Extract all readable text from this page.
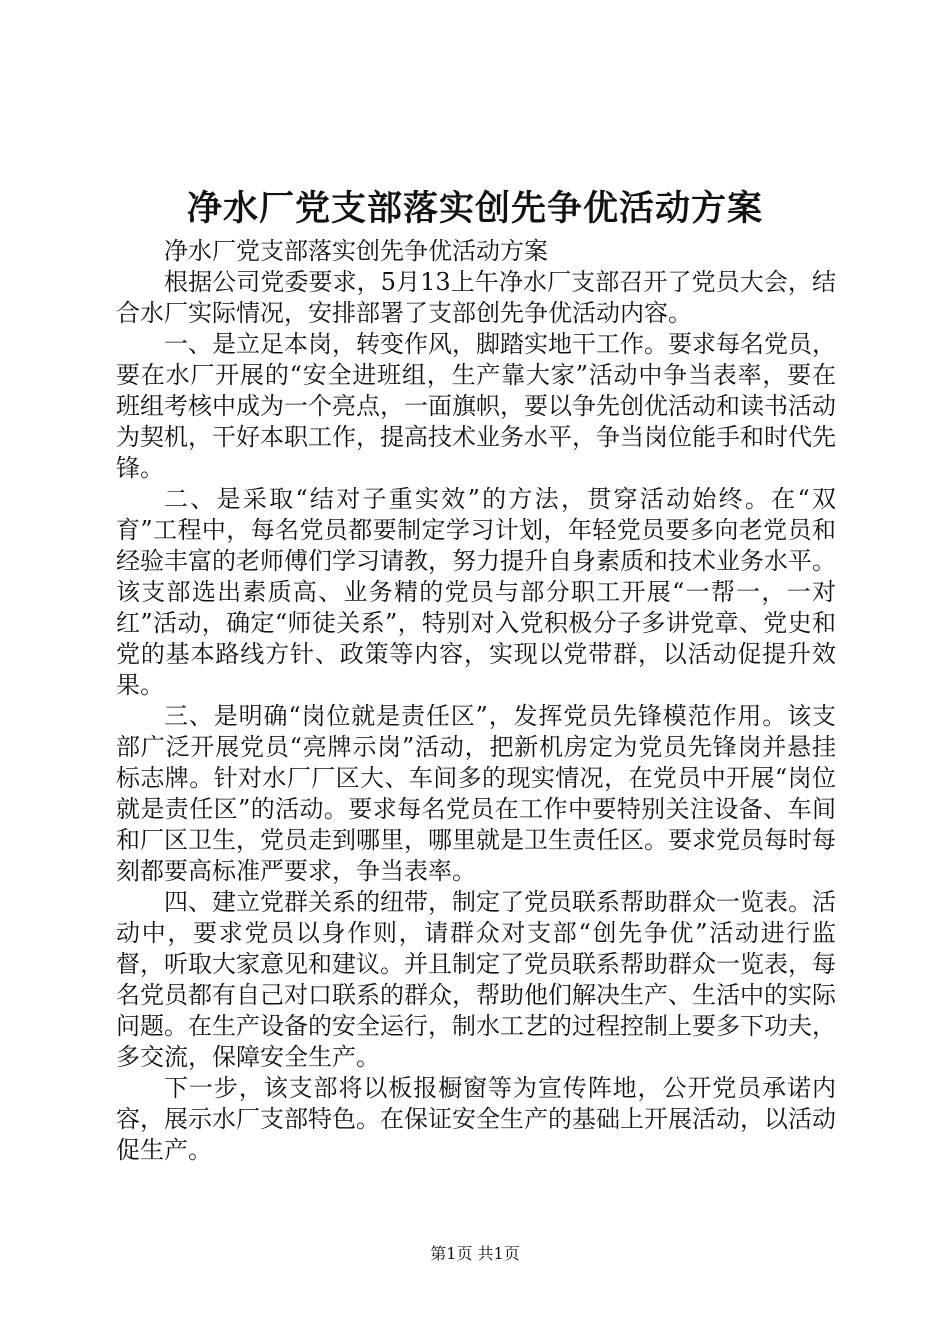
净水厂党支部落实创先争优活动方案

净水厂党支部落实创先争优活动方案

根据公司党委要求，5月13上午净水厂支部召开了党员大会，结合水厂实际情况，安排部署了支部创先争优活动内容。

一、是立足本岗，转变作风，脚踏实地干工作。要求每名党员，要在水厂开展的“安全进班组，生产靠大家”活动中争当表率，要在班组考核中成为一个亮点，一面旗帜，要以争先创优活动和读书活动为契机，干好本职工作，提高技术业务水平，争当岗位能手和时代先锋。

二、是采取“结对子重实效”的方法，贯穿活动始终。在“双育”工程中，每名党员都要制定学习计划，年轻党员要多向老党员和经验丰富的老师傅们学习请教，努力提升自身素质和技术业务水平。该支部选出素质高、业务精的党员与部分职工开展“一帮一，一对红”活动，确定“师徒关系”，特别对入党积极分子多讲党章、党史和党的基本路线方针、政策等内容，实现以党带群，以活动促提升效果。

三、是明确“岗位就是责任区”，发挥党员先锋模范作用。该支部广泛开展党员“亮牌示岗”活动，把新机房定为党员先锋岗并悬挂标志牌。针对水厂厂区大、车间多的现实情况，在党员中开展“岗位就是责任区”的活动。要求每名党员在工作中要特别关注设备、车间和厂区卫生，党员走到哪里，哪里就是卫生责任区。要求党员每时每刻都要高标准严要求，争当表率。

四、建立党群关系的纽带，制定了党员联系帮助群众一览表。活动中，要求党员以身作则，请群众对支部“创先争优”活动进行监督，听取大家意见和建议。并且制定了党员联系帮助群众一览表，每名党员都有自己对口联系的群众，帮助他们解决生产、生活中的实际问题。在生产设备的安全运行，制水工艺的过程控制上要多下功夫，多交流，保障安全生产。

下一步，该支部将以板报橱窗等为宣传阵地，公开党员承诺内容，展示水厂支部特色。在保证安全生产的基础上开展活动，以活动促生产。

第1页 共1页
